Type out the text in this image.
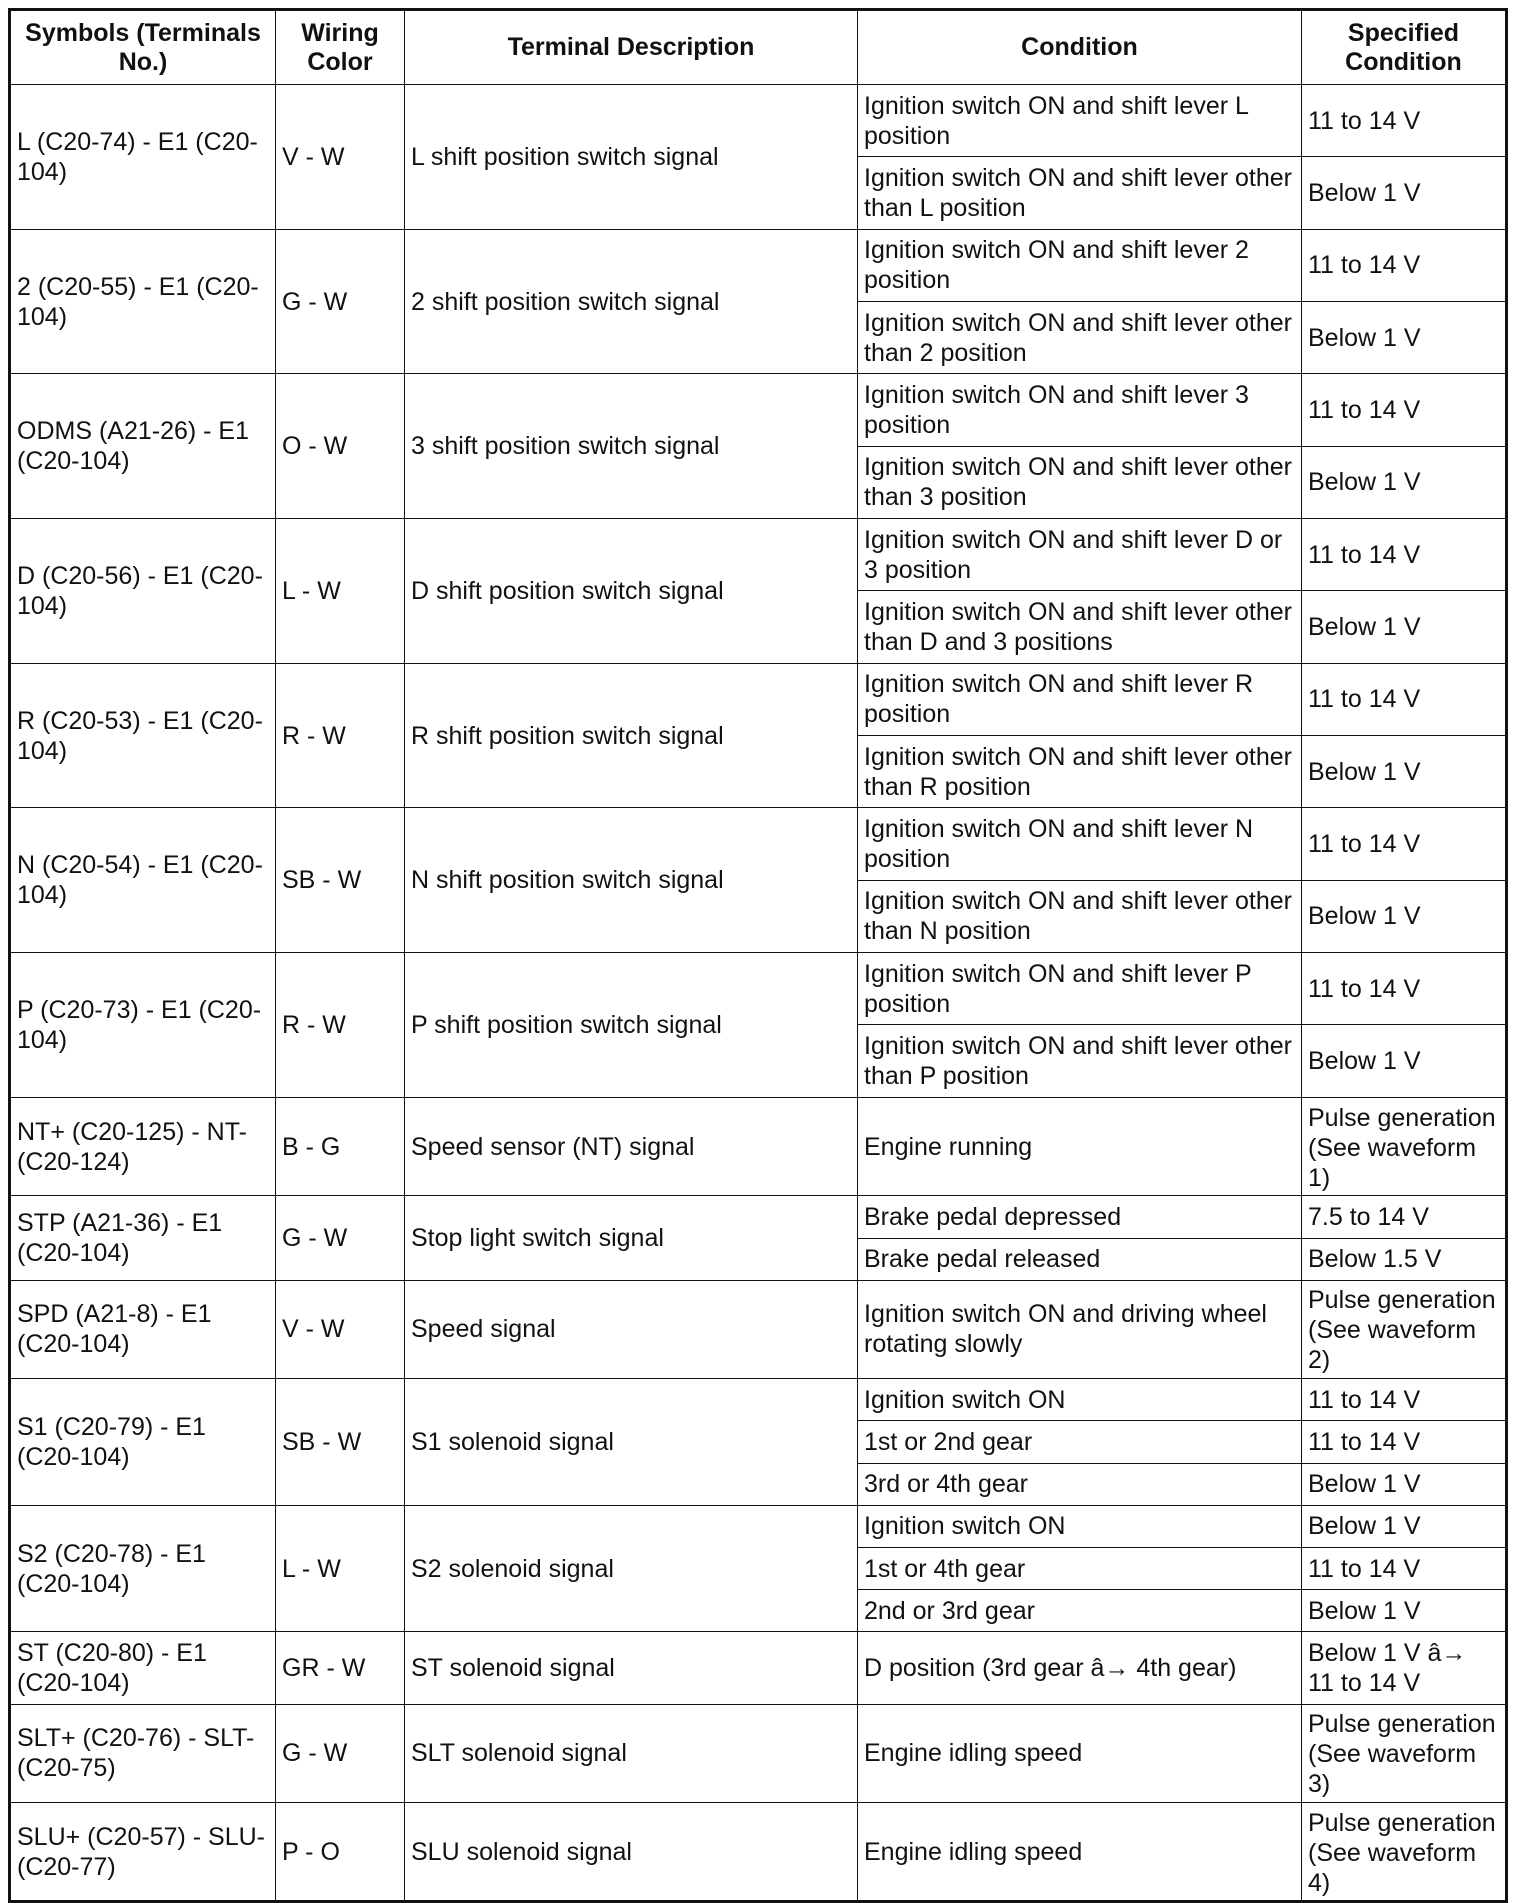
Symbols (Terminals No.)	Wiring Color	Terminal Description	Condition	Specified Condition
L (C20-74) - E1 (C20-104)	V - W	L shift position switch signal	Ignition switch ON and shift lever L position	11 to 14 V
			Ignition switch ON and shift lever other than L position	Below 1 V
2 (C20-55) - E1 (C20-104)	G - W	2 shift position switch signal	Ignition switch ON and shift lever 2 position	11 to 14 V
			Ignition switch ON and shift lever other than 2 position	Below 1 V
ODMS (A21-26) - E1 (C20-104)	O - W	3 shift position switch signal	Ignition switch ON and shift lever 3 position	11 to 14 V
			Ignition switch ON and shift lever other than 3 position	Below 1 V
D (C20-56) - E1 (C20-104)	L - W	D shift position switch signal	Ignition switch ON and shift lever D or 3 position	11 to 14 V
			Ignition switch ON and shift lever other than D and 3 positions	Below 1 V
R (C20-53) - E1 (C20-104)	R - W	R shift position switch signal	Ignition switch ON and shift lever R position	11 to 14 V
			Ignition switch ON and shift lever other than R position	Below 1 V
N (C20-54) - E1 (C20-104)	SB - W	N shift position switch signal	Ignition switch ON and shift lever N position	11 to 14 V
			Ignition switch ON and shift lever other than N position	Below 1 V
P (C20-73) - E1 (C20-104)	R - W	P shift position switch signal	Ignition switch ON and shift lever P position	11 to 14 V
			Ignition switch ON and shift lever other than P position	Below 1 V
NT+ (C20-125) - NT- (C20-124)	B - G	Speed sensor (NT) signal	Engine running	Pulse generation
(See waveform 1)

STP (A21-36) - E1 (C20-104)	G - W	Stop light switch signal	Brake pedal depressed	7.5 to 14 V
			Brake pedal released	Below 1.5 V
SPD (A21-8) - E1 (C20-104)	V - W	Speed signal	Ignition switch ON and driving wheel rotating slowly	Pulse generation
(See waveform 2)

S1 (C20-79) - E1 (C20-104)	SB - W	S1 solenoid signal	Ignition switch ON	11 to 14 V
			1st or 2nd gear	11 to 14 V
			3rd or 4th gear	Below 1 V
S2 (C20-78) - E1 (C20-104)	L - W	S2 solenoid signal	Ignition switch ON	Below 1 V
			1st or 4th gear	11 to 14 V
			2nd or 3rd gear	Below 1 V
ST (C20-80) - E1 (C20-104)	GR - W	ST solenoid signal	D position (3rd gear â→ 4th gear)	Below 1 V â→ 11 to 14 V
SLT+ (C20-76) - SLT- (C20-75)	G - W	SLT solenoid signal	Engine idling speed	Pulse generation
(See waveform 3)

SLU+ (C20-57) - SLU- (C20-77)	P - O	SLU solenoid signal	Engine idling speed	Pulse generation
(See waveform 4)
